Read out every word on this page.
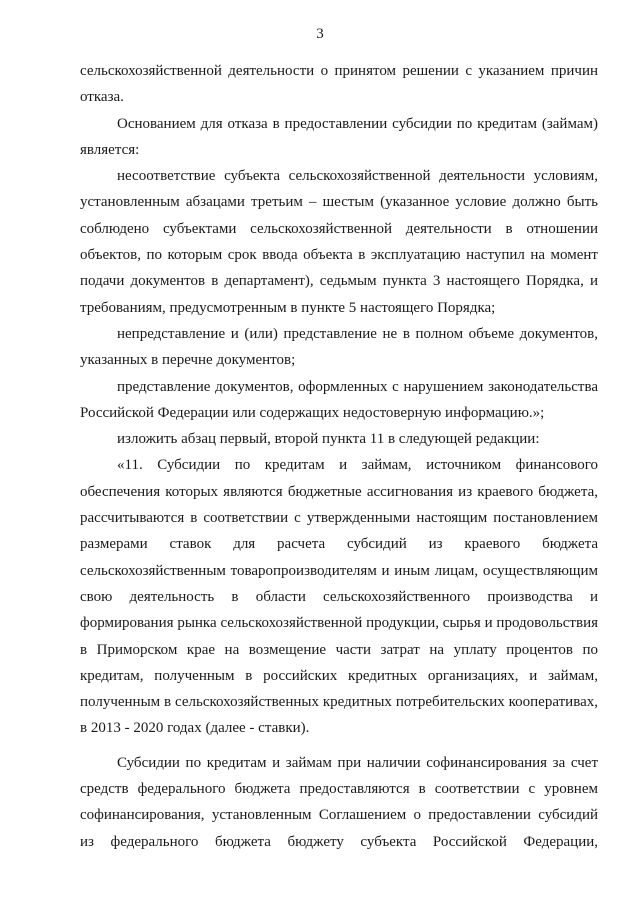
3

сельскохозяйственной деятельности о принятом решении с указанием причин отказа.

Основанием для отказа в предоставлении субсидии по кредитам (займам) является:

несоответствие субъекта сельскохозяйственной деятельности условиям, установленным абзацами третьим – шестым (указанное условие должно быть соблюдено субъектами сельскохозяйственной деятельности в отношении объектов, по которым срок ввода объекта в эксплуатацию наступил на момент подачи документов в департамент), седьмым пункта 3 настоящего Порядка, и требованиям, предусмотренным в пункте 5 настоящего Порядка;

непредставление и (или) представление не в полном объеме документов, указанных в перечне документов;

представление документов, оформленных с нарушением законодательства Российской Федерации или содержащих недостоверную информацию.»;

изложить абзац первый, второй пункта 11 в следующей редакции:

«11. Субсидии по кредитам и займам, источником финансового обеспечения которых являются бюджетные ассигнования из краевого бюджета, рассчитываются в соответствии с утвержденными настоящим постановлением размерами ставок для расчета субсидий из краевого бюджета сельскохозяйственным товаропроизводителям и иным лицам, осуществляющим свою деятельность в области сельскохозяйственного производства и формирования рынка сельскохозяйственной продукции, сырья и продовольствия в Приморском крае на возмещение части затрат на уплату процентов по кредитам, полученным в российских кредитных организациях, и займам, полученным в сельскохозяйственных кредитных потребительских кооперативах, в 2013 - 2020 годах (далее - ставки).

Субсидии по кредитам и займам при наличии софинансирования за счет средств федерального бюджета предоставляются в соответствии с уровнем софинансирования, установленным Соглашением о предоставлении субсидий из федерального бюджета бюджету субъекта Российской Федерации,
